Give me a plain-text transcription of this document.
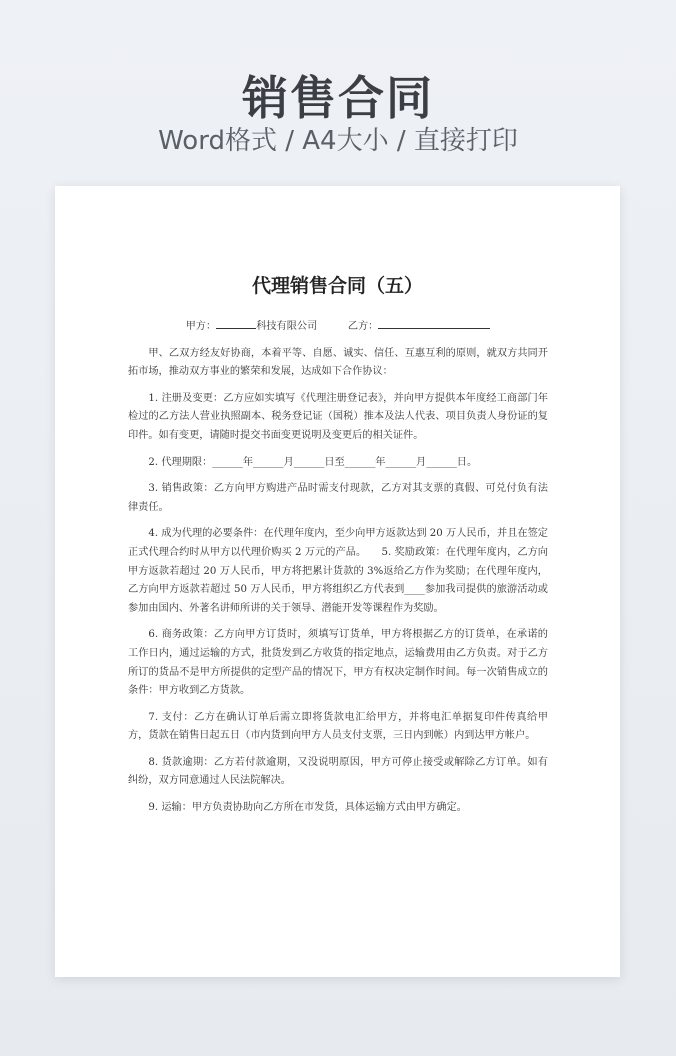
销售合同
Word格式 / A4大小 / 直接打印
代理销售合同（五）
甲方：	科技有限公司	乙方：

甲、乙双方经友好协商，本着平等、自愿、诚实、信任、互惠互利的原则，就双方共同开拓市场，推动双方事业的繁荣和发展，达成如下合作协议：

1. 注册及变更：乙方应如实填写《代理注册登记表》，并向甲方提供本年度经工商部门年检过的乙方法人营业执照副本、税务登记证（国税）推本及法人代表、项目负责人身份证的复印件。如有变更，请随时提交书面变更说明及变更后的相关证件。

2. 代理期限：______年______月______日至______年______月______日。

3. 销售政策：乙方向甲方购进产品时需支付现款，乙方对其支票的真假、可兑付负有法律责任。

4. 成为代理的必要条件：在代理年度内，至少向甲方返款达到 20 万人民币，并且在签定正式代理合约时从甲方以代理价购买 2 万元的产品。　　5. 奖励政策：在代理年度内，乙方向甲方返款若超过 20 万人民币，甲方将把累计货款的 3%返给乙方作为奖励；在代理年度内，乙方向甲方返款若超过 50 万人民币，甲方将组织乙方代表到____参加我司提供的旅游活动或参加由国内、外著名讲师所讲的关于领导、潜能开发等课程作为奖励。

6. 商务政策：乙方向甲方订货时，须填写订货单，甲方将根据乙方的订货单，在承诺的工作日内，通过运输的方式，批货发到乙方收货的指定地点，运输费用由乙方负责。对于乙方所订的货品不是甲方所提供的定型产品的情况下，甲方有权决定制作时间。每一次销售成立的条件：甲方收到乙方货款。

7. 支付：乙方在确认订单后需立即将货款电汇给甲方，并将电汇单据复印件传真给甲方，货款在销售日起五日（市内货到向甲方人员支付支票，三日内到帐）内到达甲方帐户。

8. 货款逾期：乙方若付款逾期，又没说明原因，甲方可停止接受或解除乙方订单。如有纠纷，双方同意通过人民法院解决。

9. 运输：甲方负责协助向乙方所在市发货，具体运输方式由甲方确定。
